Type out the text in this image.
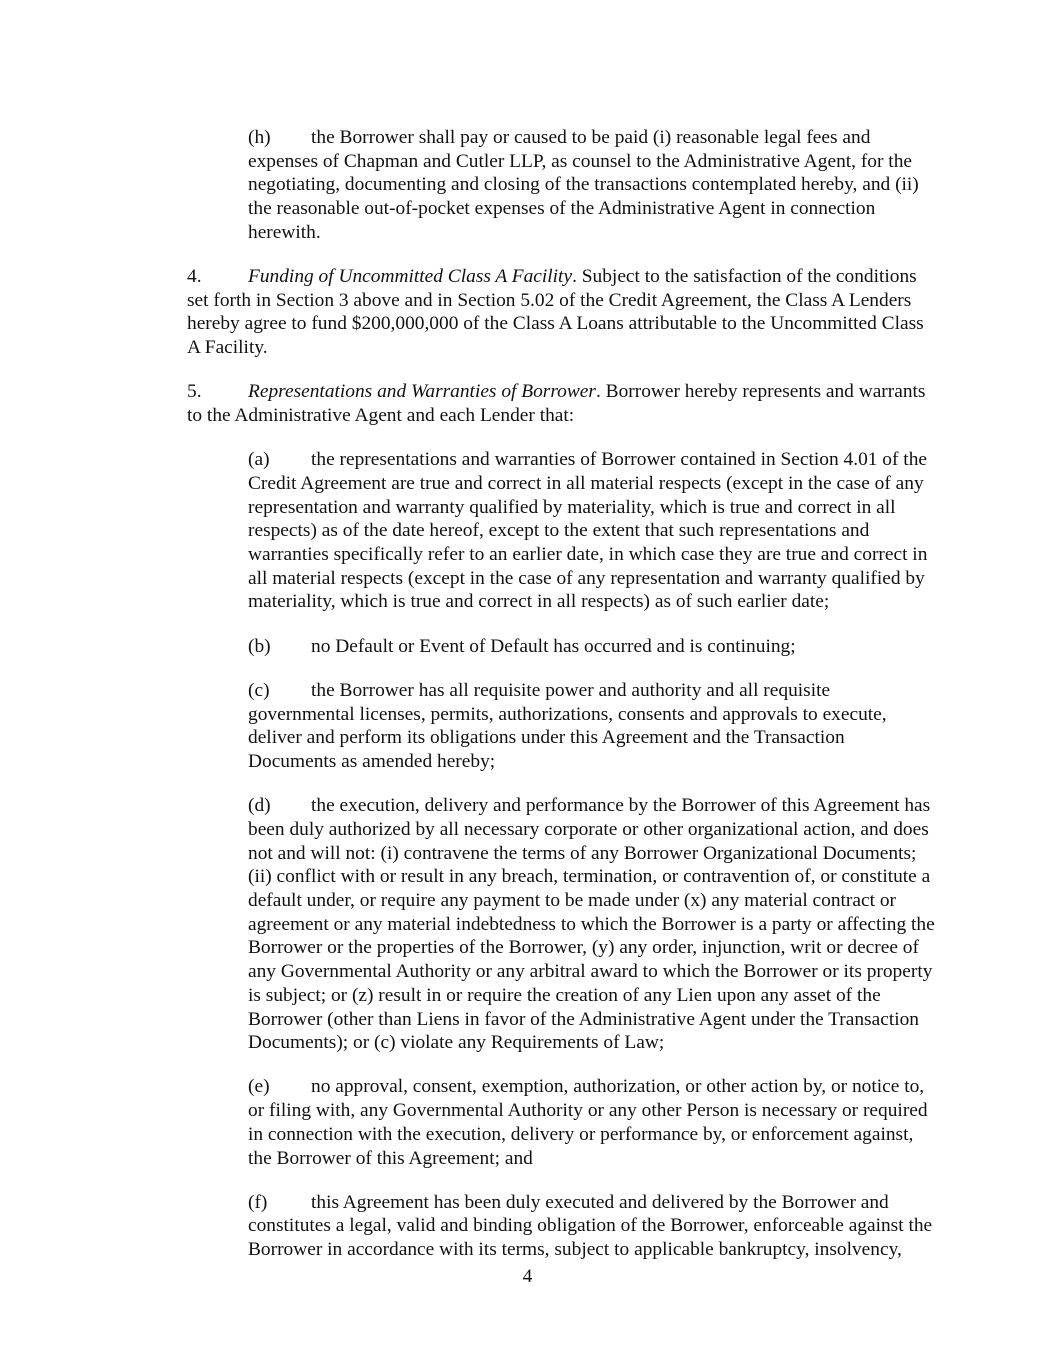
(h) the Borrower shall pay or caused to be paid (i) reasonable legal fees and expenses of Chapman and Cutler LLP, as counsel to the Administrative Agent, for the negotiating, documenting and closing of the transactions contemplated hereby, and (ii) the reasonable out-of-pocket expenses of the Administrative Agent in connection herewith.

4. Funding of Uncommitted Class A Facility. Subject to the satisfaction of the conditions set forth in Section 3 above and in Section 5.02 of the Credit Agreement, the Class A Lenders hereby agree to fund $200,000,000 of the Class A Loans attributable to the Uncommitted Class A Facility.

5. Representations and Warranties of Borrower. Borrower hereby represents and warrants to the Administrative Agent and each Lender that:

(a) the representations and warranties of Borrower contained in Section 4.01 of the Credit Agreement are true and correct in all material respects (except in the case of any representation and warranty qualified by materiality, which is true and correct in all respects) as of the date hereof, except to the extent that such representations and warranties specifically refer to an earlier date, in which case they are true and correct in all material respects (except in the case of any representation and warranty qualified by materiality, which is true and correct in all respects) as of such earlier date;

(b) no Default or Event of Default has occurred and is continuing;

(c) the Borrower has all requisite power and authority and all requisite governmental licenses, permits, authorizations, consents and approvals to execute, deliver and perform its obligations under this Agreement and the Transaction Documents as amended hereby;

(d) the execution, delivery and performance by the Borrower of this Agreement has been duly authorized by all necessary corporate or other organizational action, and does not and will not: (i) contravene the terms of any Borrower Organizational Documents; (ii) conflict with or result in any breach, termination, or contravention of, or constitute a default under, or require any payment to be made under (x) any material contract or agreement or any material indebtedness to which the Borrower is a party or affecting the Borrower or the properties of the Borrower, (y) any order, injunction, writ or decree of any Governmental Authority or any arbitral award to which the Borrower or its property is subject; or (z) result in or require the creation of any Lien upon any asset of the Borrower (other than Liens in favor of the Administrative Agent under the Transaction Documents); or (c) violate any Requirements of Law;

(e) no approval, consent, exemption, authorization, or other action by, or notice to, or filing with, any Governmental Authority or any other Person is necessary or required in connection with the execution, delivery or performance by, or enforcement against, the Borrower of this Agreement; and

(f) this Agreement has been duly executed and delivered by the Borrower and constitutes a legal, valid and binding obligation of the Borrower, enforceable against the Borrower in accordance with its terms, subject to applicable bankruptcy, insolvency,

4
